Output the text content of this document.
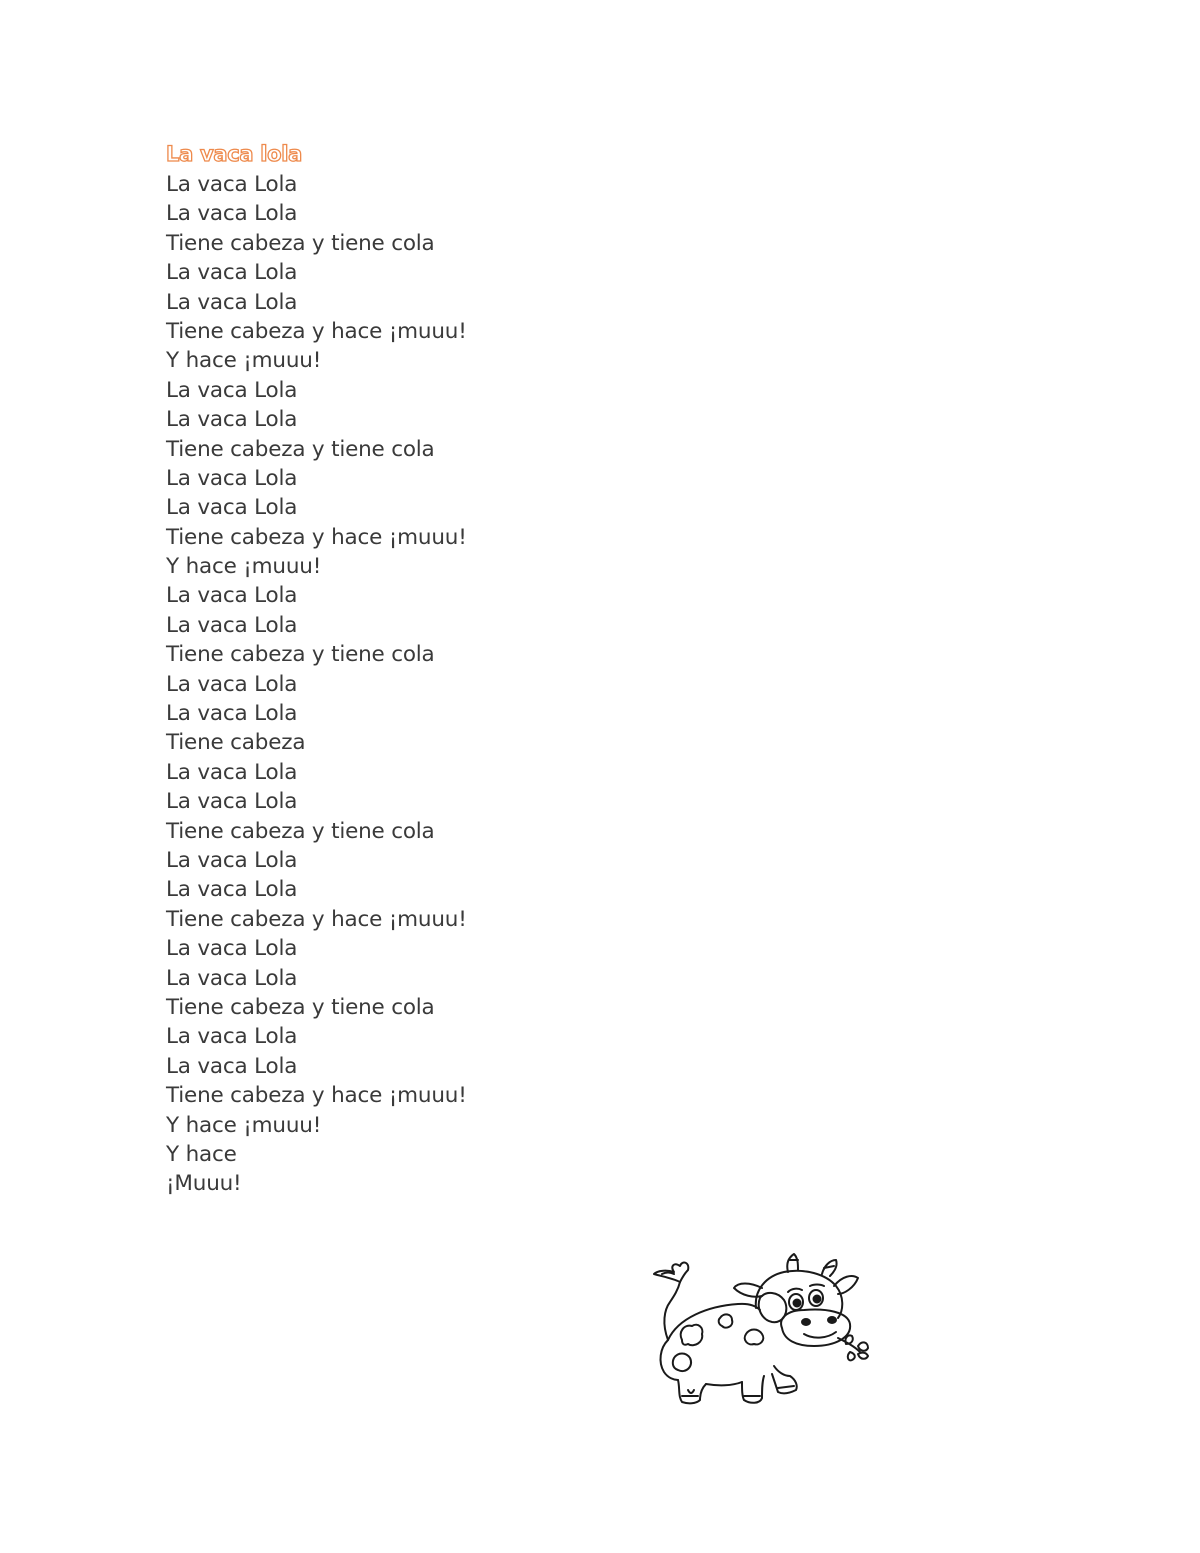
La vaca lola
La vaca Lola
La vaca Lola
Tiene cabeza y tiene cola
La vaca Lola
La vaca Lola
Tiene cabeza y hace ¡muuu!
Y hace ¡muuu!
La vaca Lola
La vaca Lola
Tiene cabeza y tiene cola
La vaca Lola
La vaca Lola
Tiene cabeza y hace ¡muuu!
Y hace ¡muuu!
La vaca Lola
La vaca Lola
Tiene cabeza y tiene cola
La vaca Lola
La vaca Lola
Tiene cabeza
La vaca Lola
La vaca Lola
Tiene cabeza y tiene cola
La vaca Lola
La vaca Lola
Tiene cabeza y hace ¡muuu!
La vaca Lola
La vaca Lola
Tiene cabeza y tiene cola
La vaca Lola
La vaca Lola
Tiene cabeza y hace ¡muuu!
Y hace ¡muuu!
Y hace
¡Muuu!
